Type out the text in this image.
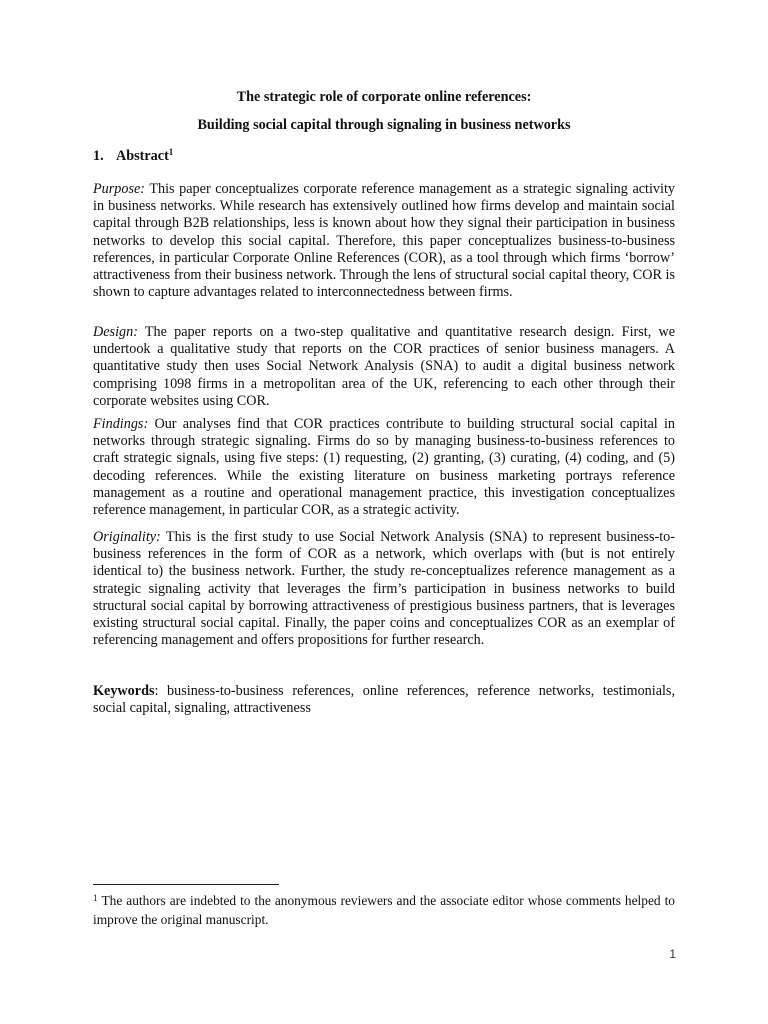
The strategic role of corporate online references:

Building social capital through signaling in business networks

1. Abstract$^1$

Purpose: This paper conceptualizes corporate reference management as a strategic signaling activity in business networks. While research has extensively outlined how firms develop and maintain social capital through B2B relationships, less is known about how they signal their participation in business networks to develop this social capital. Therefore, this paper conceptualizes business-to-business references, in particular Corporate Online References (COR), as a tool through which firms ‘borrow’ attractiveness from their business network. Through the lens of structural social capital theory, COR is shown to capture advantages related to interconnectedness between firms.

Design: The paper reports on a two-step qualitative and quantitative research design. First, we undertook a qualitative study that reports on the COR practices of senior business managers. A quantitative study then uses Social Network Analysis (SNA) to audit a digital business network comprising 1098 firms in a metropolitan area of the UK, referencing to each other through their corporate websites using COR.

Findings: Our analyses find that COR practices contribute to building structural social capital in networks through strategic signaling. Firms do so by managing business-to-business references to craft strategic signals, using five steps: (1) requesting, (2) granting, (3) curating, (4) coding, and (5) decoding references. While the existing literature on business marketing portrays reference management as a routine and operational management practice, this investigation conceptualizes reference management, in particular COR, as a strategic activity.

Originality: This is the first study to use Social Network Analysis (SNA) to represent business-to-business references in the form of COR as a network, which overlaps with (but is not entirely identical to) the business network. Further, the study re-conceptualizes reference management as a strategic signaling activity that leverages the firm’s participation in business networks to build structural social capital by borrowing attractiveness of prestigious business partners, that is leverages existing structural social capital. Finally, the paper coins and conceptualizes COR as an exemplar of referencing management and offers propositions for further research.

Keywords: business-to-business references, online references, reference networks, testimonials, social capital, signaling, attractiveness

$^1$ The authors are indebted to the anonymous reviewers and the associate editor whose comments helped to improve the original manuscript.

1
